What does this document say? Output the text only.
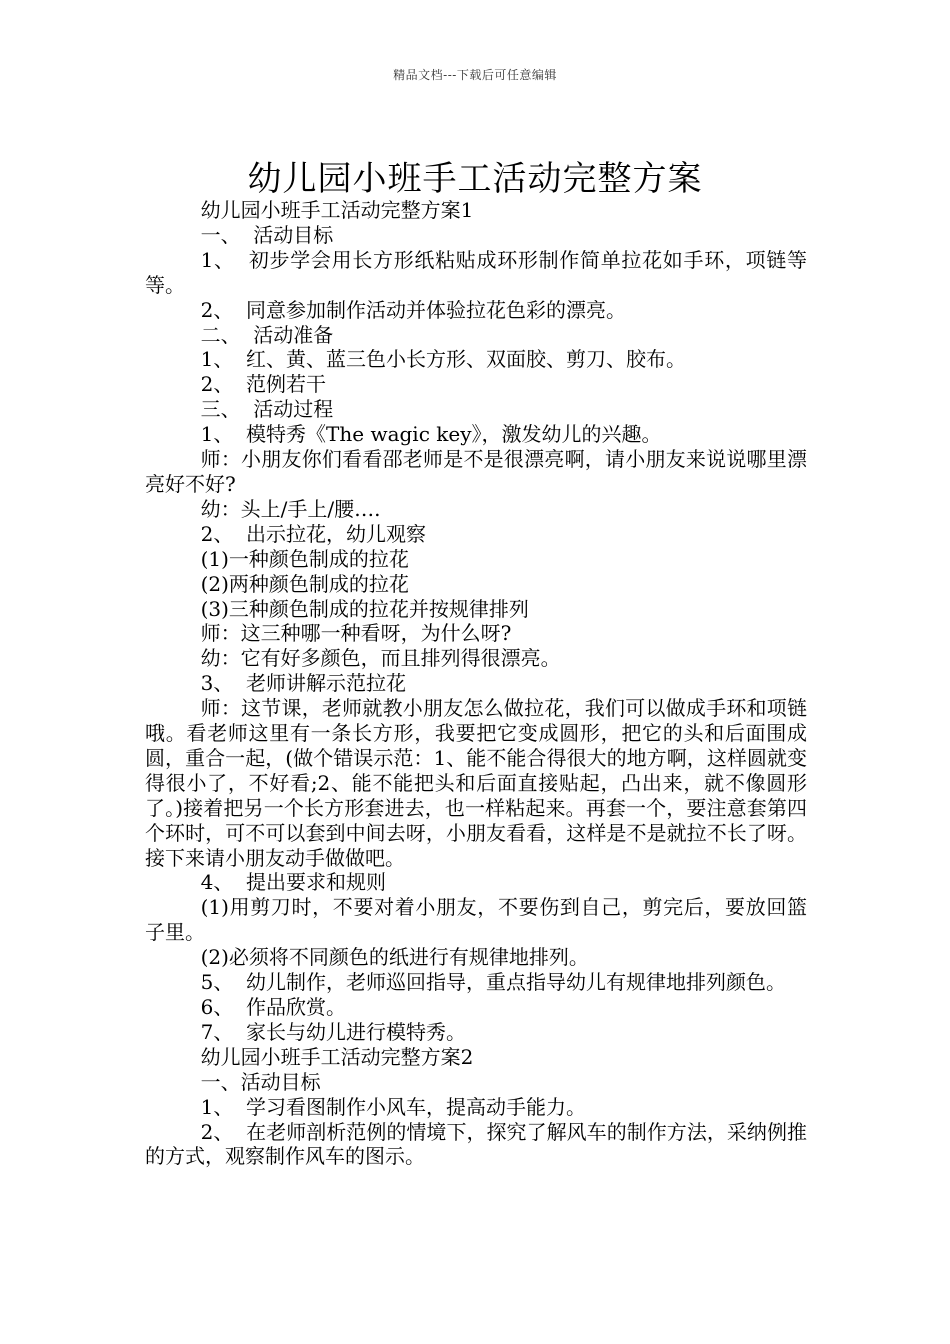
精品文档---下载后可任意编辑
幼儿园小班手工活动完整方案

幼儿园小班手工活动完整方案1

一、  活动目标

1、  初步学会用长方形纸粘贴成环形制作简单拉花如手环，项链等等。

2、  同意参加制作活动并体验拉花色彩的漂亮。

二、  活动准备

1、  红、黄、蓝三色小长方形、双面胶、剪刀、胶布。

2、  范例若干

三、  活动过程

1、  模特秀《The wagic key》，激发幼儿的兴趣。

师：小朋友你们看看邵老师是不是很漂亮啊，请小朋友来说说哪里漂亮好不好?

幼：头上/手上/腰….

2、  出示拉花，幼儿观察

(1)一种颜色制成的拉花

(2)两种颜色制成的拉花

(3)三种颜色制成的拉花并按规律排列

师：这三种哪一种看呀，为什么呀?

幼：它有好多颜色，而且排列得很漂亮。

3、  老师讲解示范拉花

师：这节课，老师就教小朋友怎么做拉花，我们可以做成手环和项链哦。看老师这里有一条长方形，我要把它变成圆形，把它的头和后面围成圆，重合一起，(做个错误示范：1、能不能合得很大的地方啊，这样圆就变得很小了，不好看;2、能不能把头和后面直接贴起，凸出来，就不像圆形了。)接着把另一个长方形套进去，也一样粘起来。再套一个，要注意套第四个环时，可不可以套到中间去呀，小朋友看看，这样是不是就拉不长了呀。接下来请小朋友动手做做吧。

4、  提出要求和规则

(1)用剪刀时，不要对着小朋友，不要伤到自己，剪完后，要放回篮子里。

(2)必须将不同颜色的纸进行有规律地排列。

5、  幼儿制作，老师巡回指导，重点指导幼儿有规律地排列颜色。

6、  作品欣赏。

7、  家长与幼儿进行模特秀。

幼儿园小班手工活动完整方案2

一、活动目标

1、  学习看图制作小风车，提高动手能力。

2、  在老师剖析范例的情境下，探究了解风车的制作方法，采纳例推的方式，观察制作风车的图示。
